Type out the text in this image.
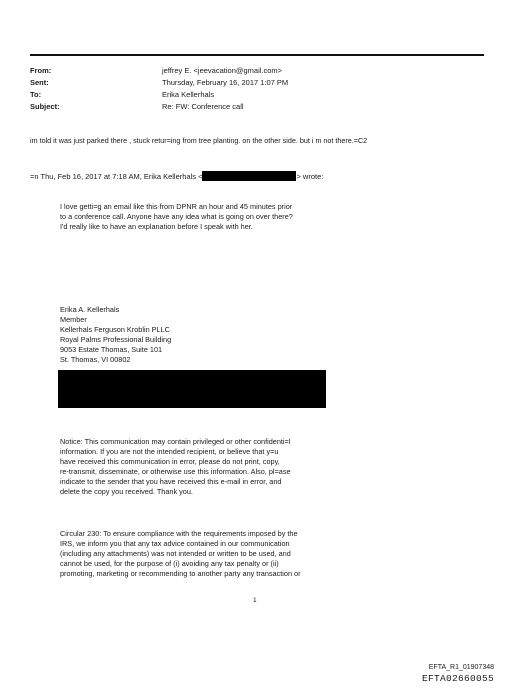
From:	jeffrey E. <jeevacation@gmail.com>
Sent:	Thursday, February 16, 2017 1:07 PM
To:	Erika Kellerhals
Subject:	Re: FW: Conference call
im told it was just parked there , stuck retur=ing from tree planting. on the other side. but i m not there.=C2
=n Thu, Feb 16, 2017 at 7:18 AM, Erika Kellerhals <	> wrote:
I love getti=g an email like this from DPNR an hour and 45 minutes prior
to a conference call. Anyone have any idea what is going on over there?
I'd really like to have an explanation before I speak with her.
Erika A. Kellerhals
Member
Kellerhals Ferguson Kroblin PLLC
Royal Palms Professional Building
9053 Estate Thomas, Suite 101
St. Thomas, VI 00802
Notice: This communication may contain privileged or other confidenti=l
information. If you are not the intended recipient, or believe that y=u
have received this communication in error, please do not print, copy,
re-transmit, disseminate, or otherwise use this information. Also, pl=ase
indicate to the sender that you have received this e-mail in error, and
delete the copy you received. Thank you.
Circular 230: To ensure compliance with the requirements imposed by the
IRS, we inform you that any tax advice contained in our communication
(including any attachments) was not intended or written to be used, and
cannot be used, for the purpose of (i) avoiding any tax penalty or (ii)
promoting, marketing or recommending to another party any transaction or
1
EFTA_R1_01907348
EFTA02660055
